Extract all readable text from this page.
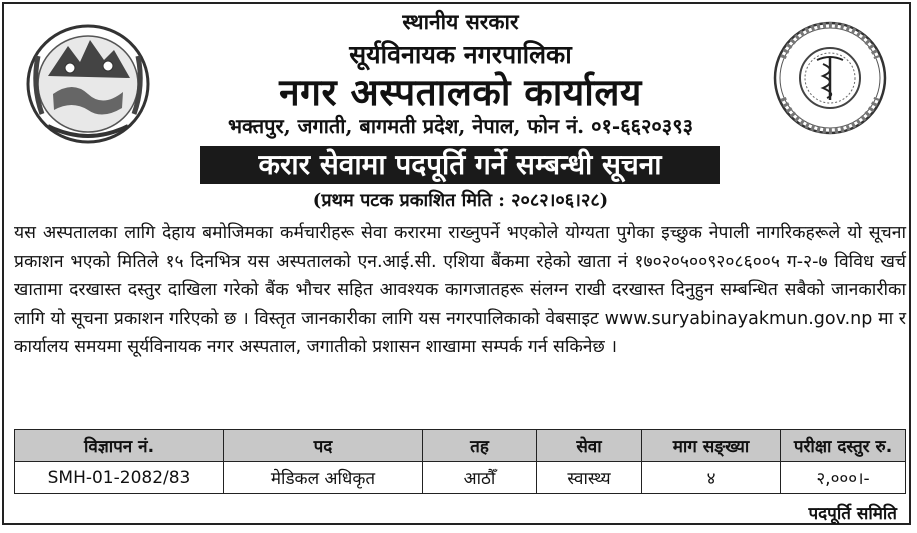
स्थानीय सरकार
सूर्यविनायक नगरपालिका
नगर अस्पतालको कार्यालय
भक्तपुर, जगाती, बागमती प्रदेश, नेपाल, फोन नं. ०१-६६२०३९३
करार सेवामा पदपूर्ति गर्ने सम्बन्धी सूचना
(प्रथम पटक प्रकाशित मिति : २०८२।०६।२८)
यस अस्पतालका लागि देहाय बमोजिमका कर्मचारीहरू सेवा करारमा राख्नुपर्ने भएकोले योग्यता पुगेका इच्छुक नेपाली नागरिकहरूले यो सूचना प्रकाशन भएको मितिले १५ दिनभित्र यस अस्पतालको एन.आई.सी. एशिया बैंकमा रहेको खाता नं १७०२०५००९२०८६००५ ग-२-७ विविध खर्च खातामा दरखास्त दस्तुर दाखिला गरेको बैंक भौचर सहित आवश्यक कागजातहरू संलग्न राखी दरखास्त दिनुहुन सम्बन्धित सबैको जानकारीका लागि यो सूचना प्रकाशन गरिएको छ । विस्तृत जानकारीका लागि यस नगरपालिकाको वेबसाइट www.suryabinayakmun.gov.np मा र कार्यालय समयमा सूर्यविनायक नगर अस्पताल, जगातीको प्रशासन शाखामा सम्पर्क गर्न सकिनेछ ।
विज्ञापन नं.	पद	तह	सेवा	माग सङ्ख्या	परीक्षा दस्तुर रु.
SMH-01-2082/83	मेडिकल अधिकृत	आठौँ	स्वास्थ्य	४	२,०००।-
पदपूर्ति समिति
